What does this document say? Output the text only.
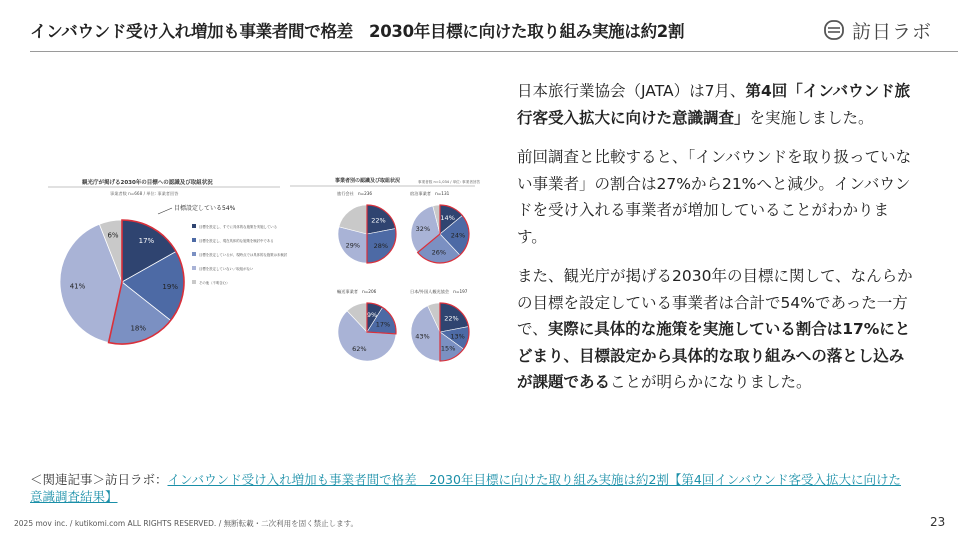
インバウンド受け入れ増加も事業者間で格差　2030年目標に向けた取り組み実施は約2割	訪日ラボ
観光庁が掲げる2030年の目標への認識及び取組状況
事業者数 n=668 / 単位: 事業者回答
17%
19%
18%
41%
6%
目標設定している54%
目標を設定し、すでに具体的な施策を実施している
目標を設定し、現在具体的な施策を検討中である
目標を設定しているが、現時点では具体的な施策は未検討
目標を設定していない／取組がない
その他（不明含む）
事業者別の認識及び取組状況	事業者数 n=1,034 / 単位: 事業者回答
旅行会社　n=236
22%
28%
29%
宿泊事業者　n=131
14%
24%
26%
32%
輸送事業者　n=206
9%
17%
62%
日本/外国人観光協会　n=197
22%
13%
15%
43%

日本旅行業協会（JATA）は7月、第4回「インバウンド旅行客受入拡大に向けた意識調査」を実施しました。

前回調査と比較すると、「インバウンドを取り扱っていない事業者」の割合は27%から21%へと減少。インバウンドを受け入れる事業者が増加していることがわかります。

また、観光庁が掲げる2030年の目標に関して、なんらかの目標を設定している事業者は合計で54%であった一方で、実際に具体的な施策を実施している割合は17%にとどまり、目標設定から具体的な取り組みへの落とし込みが課題であることが明らかになりました。

＜関連記事＞訪日ラボ：インバウンド受け入れ増加も事業者間で格差　2030年目標に向けた取り組み実施は約2割【第4回インバウンド客受入拡大に向けた意識調査結果】
2025 mov inc. / kutikomi.com ALL RIGHTS RESERVED. / 無断転載・二次利用を固く禁止します。	23
